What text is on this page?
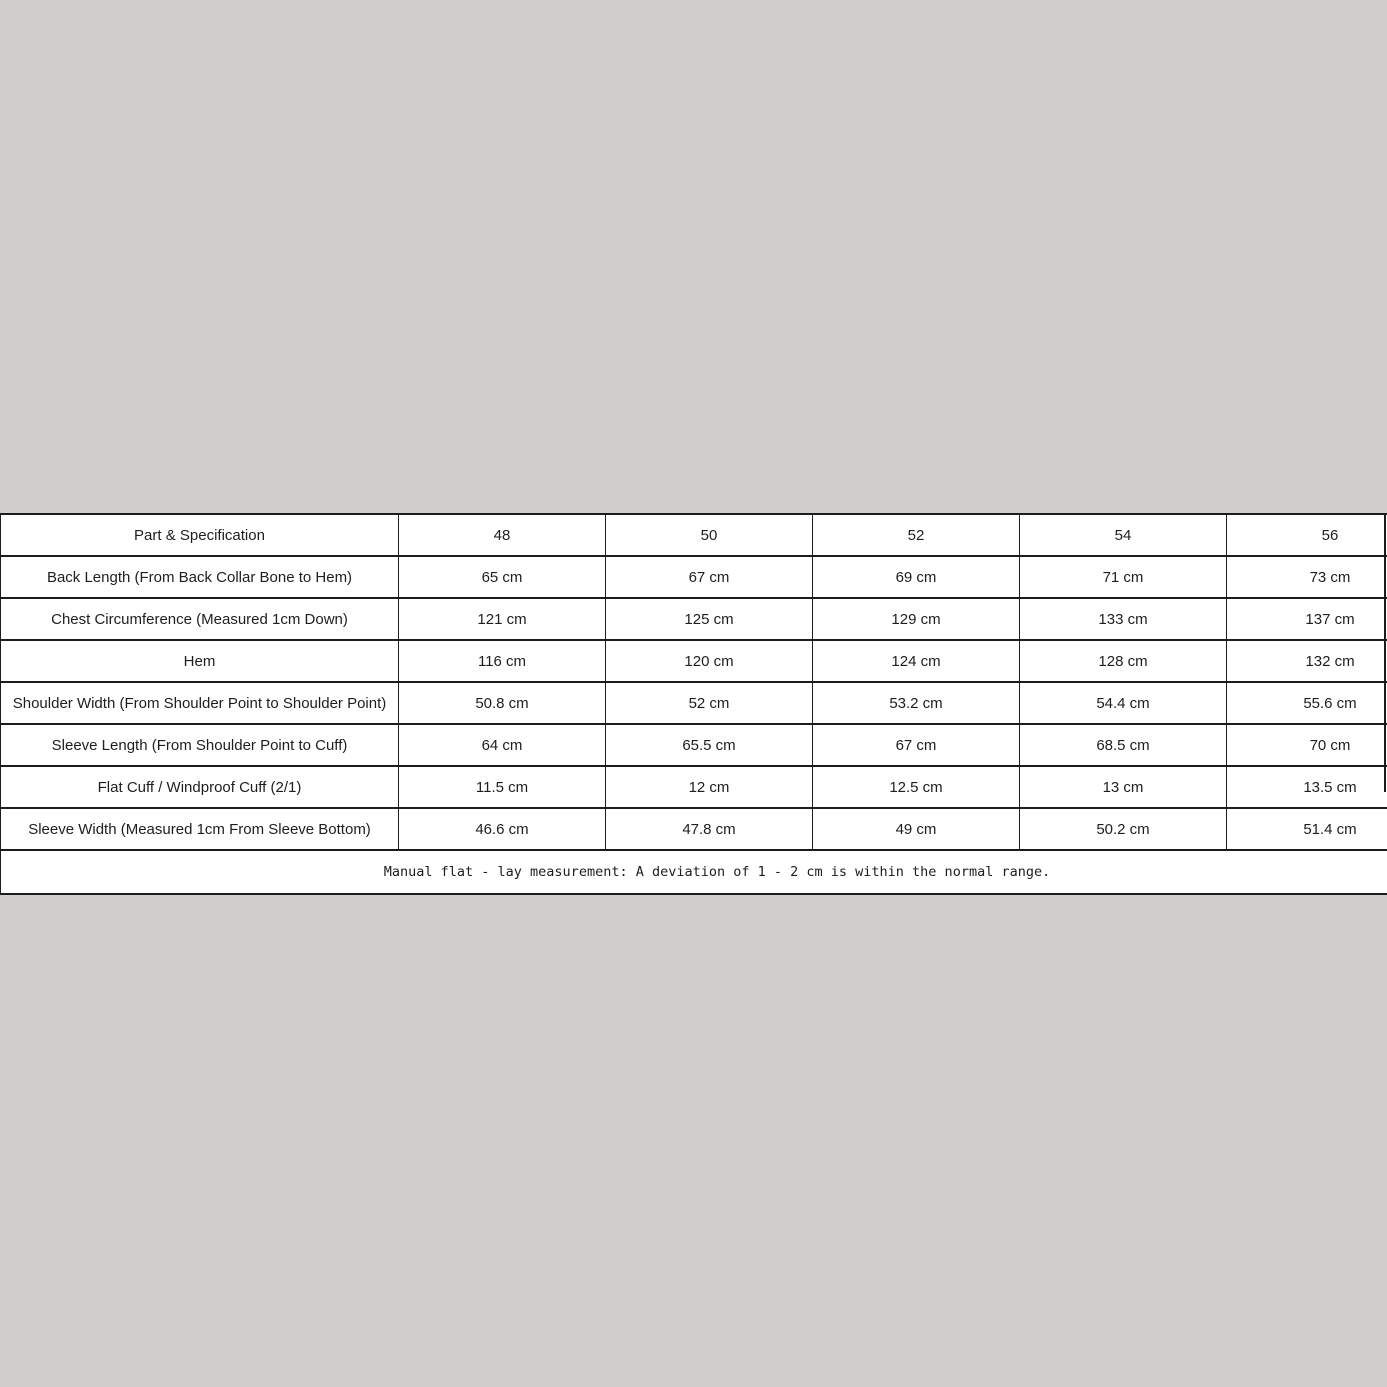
Part & Specification	48	50	52	54	56
Back Length (From Back Collar Bone to Hem)	65 cm	67 cm	69 cm	71 cm	73 cm
Chest Circumference (Measured 1cm Down)	121 cm	125 cm	129 cm	133 cm	137 cm
Hem	116 cm	120 cm	124 cm	128 cm	132 cm
Shoulder Width (From Shoulder Point to Shoulder Point)	50.8 cm	52 cm	53.2 cm	54.4 cm	55.6 cm
Sleeve Length (From Shoulder Point to Cuff)	64 cm	65.5 cm	67 cm	68.5 cm	70 cm
Flat Cuff / Windproof Cuff (2/1)	11.5 cm	12 cm	12.5 cm	13 cm	13.5 cm
Sleeve Width (Measured 1cm From Sleeve Bottom)	46.6 cm	47.8 cm	49 cm	50.2 cm	51.4 cm
Manual flat - lay measurement: A deviation of 1 - 2 cm is within the normal range.					
